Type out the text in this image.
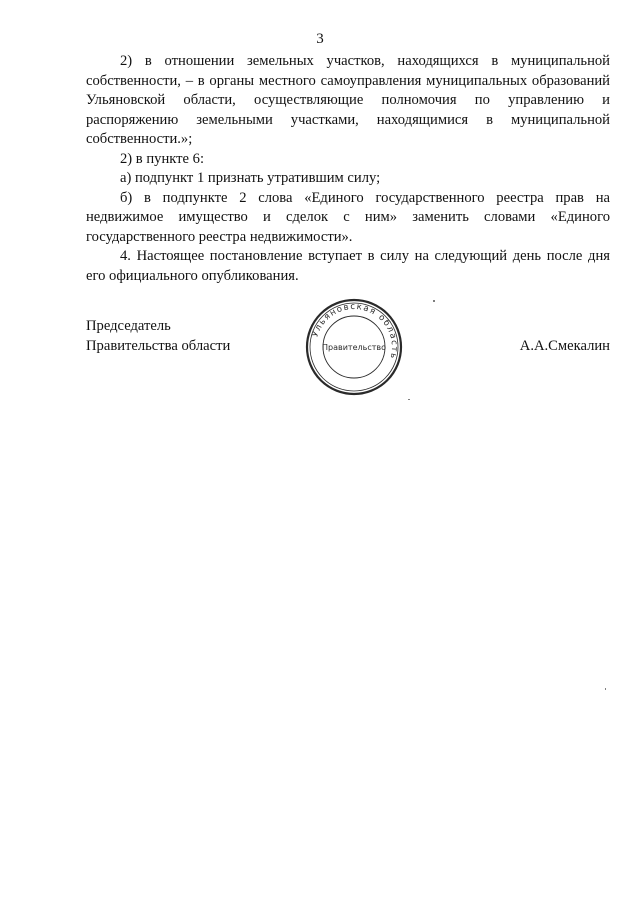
3

2) в отношении земельных участков, находящихся в муниципальной собственности, – в органы местного самоуправления муниципальных образований Ульяновской области, осуществляющие полномочия по управлению и распоряжению земельными участками, находящимися в муниципальной собственности.»;

2) в пункте 6:

а) подпункт 1 признать утратившим силу;

б) в подпункте 2 слова «Единого государственного реестра прав на недвижимое имущество и сделок с ним» заменить словами «Единого государственного реестра недвижимости».

4. Настоящее постановление вступает в силу на следующий день после дня его официального опубликования.

Председатель
Правительства области
Ульяновская область
Правительство	А.А.Смекалин
